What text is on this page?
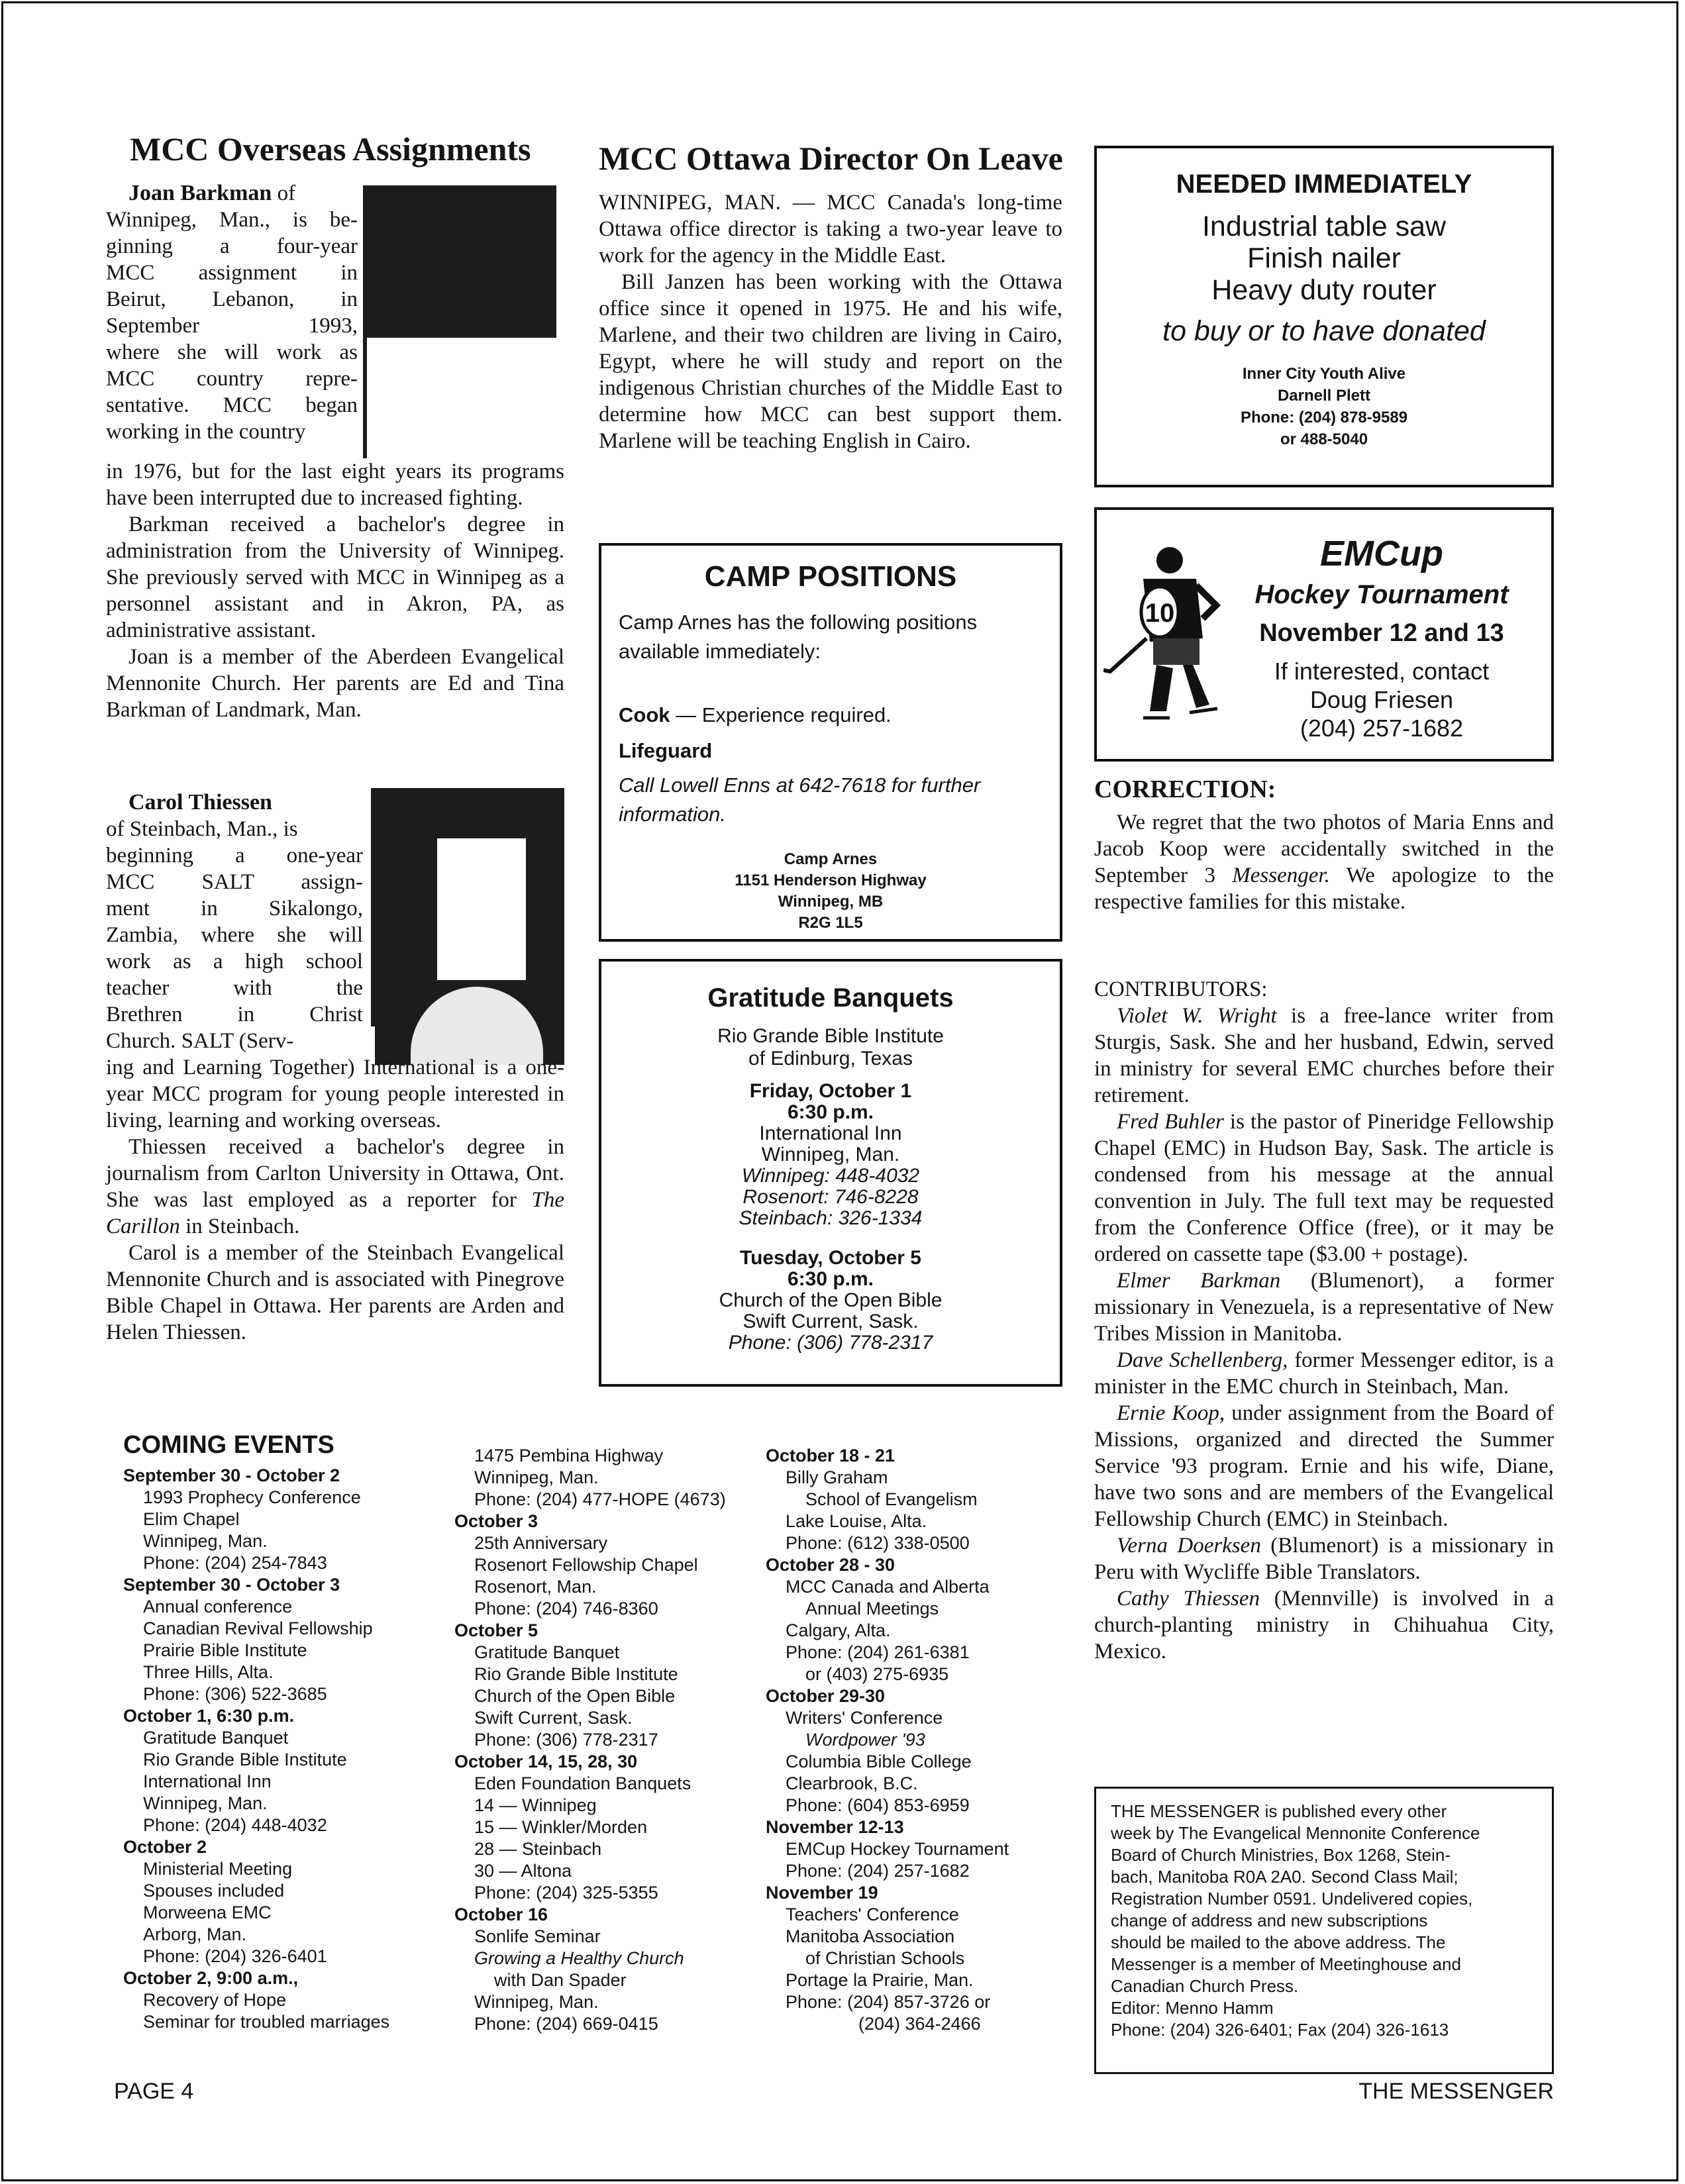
MCC Overseas Assignments
Joan Barkman of
Winnipeg, Man., is be-
ginning a four-year
MCC assignment in
Beirut, Lebanon, in
September 1993,
where she will work as
MCC country repre-
sentative. MCC began
working in the country

in 1976, but for the last eight years its programs have been interrupted due to increased fighting.

Barkman received a bachelor's degree in administration from the University of Winnipeg. She previously served with MCC in Winnipeg as a personnel assistant and in Akron, PA, as administrative assistant.

Joan is a member of the Aberdeen Evangelical Mennonite Church. Her parents are Ed and Tina Barkman of Landmark, Man.

Carol Thiessen
of Steinbach, Man., is
beginning a one-year
MCC SALT assign-
ment in Sikalongo,
Zambia, where she will
work as a high school
teacher with the
Brethren in Christ
Church. SALT (Serv-

ing and Learning Together) International is a one-year MCC program for young people interested in living, learning and working overseas.

Thiessen received a bachelor's degree in journalism from Carlton University in Ottawa, Ont. She was last employed as a reporter for The Carillon in Steinbach.

Carol is a member of the Steinbach Evangelical Mennonite Church and is associated with Pinegrove Bible Chapel in Ottawa. Her parents are Arden and Helen Thiessen.

MCC Ottawa Director On Leave

WINNIPEG, MAN. — MCC Canada's long-time Ottawa office director is taking a two-year leave to work for the agency in the Middle East.

Bill Janzen has been working with the Ottawa office since it opened in 1975. He and his wife, Marlene, and their two children are living in Cairo, Egypt, where he will study and report on the indigenous Christian churches of the Middle East to determine how MCC can best support them. Marlene will be teaching English in Cairo.

CAMP POSITIONS
Camp Arnes has the following positions available immediately:
Cook — Experience required.
Lifeguard
Call Lowell Enns at 642-7618 for further information.
Camp Arnes
1151 Henderson Highway
Winnipeg, MB
R2G 1L5
Gratitude Banquets
Rio Grande Bible Institute
of Edinburg, Texas
Friday, October 1
6:30 p.m.
International Inn
Winnipeg, Man.
Winnipeg: 448-4032
Rosenort: 746-8228
Steinbach: 326-1334
Tuesday, October 5
6:30 p.m.
Church of the Open Bible
Swift Current, Sask.
Phone: (306) 778-2317
NEEDED IMMEDIATELY
Industrial table saw
Finish nailer
Heavy duty router
to buy or to have donated
Inner City Youth Alive
Darnell Plett
Phone: (204) 878-9589
or 488-5040
10
EMCup
Hockey Tournament
November 12 and 13
If interested, contact
Doug Friesen
(204) 257-1682
CORRECTION:

We regret that the two photos of Maria Enns and Jacob Koop were accidentally switched in the September 3 Messenger. We apologize to the respective families for this mistake.

CONTRIBUTORS:

Violet W. Wright is a free-lance writer from Sturgis, Sask. She and her husband, Edwin, served in ministry for several EMC churches before their retirement.

Fred Buhler is the pastor of Pineridge Fellowship Chapel (EMC) in Hudson Bay, Sask. The article is condensed from his message at the annual convention in July. The full text may be requested from the Conference Office (free), or it may be ordered on cassette tape ($3.00 + postage).

Elmer Barkman (Blumenort), a former missionary in Venezuela, is a representative of New Tribes Mission in Manitoba.

Dave Schellenberg, former Messenger editor, is a minister in the EMC church in Steinbach, Man.

Ernie Koop, under assignment from the Board of Missions, organized and directed the Summer Service '93 program. Ernie and his wife, Diane, have two sons and are members of the Evangelical Fellowship Church (EMC) in Steinbach.

Verna Doerksen (Blumenort) is a missionary in Peru with Wycliffe Bible Translators.

Cathy Thiessen (Mennville) is involved in a church-planting ministry in Chihuahua City, Mexico.

THE MESSENGER is published every other
week by The Evangelical Mennonite Conference
Board of Church Ministries, Box 1268, Stein-
bach, Manitoba R0A 2A0. Second Class Mail;
Registration Number 0591. Undelivered copies,
change of address and new subscriptions
should be mailed to the above address. The
Messenger is a member of Meetinghouse and
Canadian Church Press.
Editor: Menno Hamm
Phone: (204) 326-6401; Fax (204) 326-1613
COMING EVENTS
September 30 - October 2
1993 Prophecy Conference
Elim Chapel
Winnipeg, Man.
Phone: (204) 254-7843
September 30 - October 3
Annual conference
Canadian Revival Fellowship
Prairie Bible Institute
Three Hills, Alta.
Phone: (306) 522-3685
October 1, 6:30 p.m.
Gratitude Banquet
Rio Grande Bible Institute
International Inn
Winnipeg, Man.
Phone: (204) 448-4032
October 2
Ministerial Meeting
Spouses included
Morweena EMC
Arborg, Man.
Phone: (204) 326-6401
October 2, 9:00 a.m.,
Recovery of Hope
Seminar for troubled marriages
1475 Pembina Highway
Winnipeg, Man.
Phone: (204) 477-HOPE (4673)
October 3
25th Anniversary
Rosenort Fellowship Chapel
Rosenort, Man.
Phone: (204) 746-8360
October 5
Gratitude Banquet
Rio Grande Bible Institute
Church of the Open Bible
Swift Current, Sask.
Phone: (306) 778-2317
October 14, 15, 28, 30
Eden Foundation Banquets
14 — Winnipeg
15 — Winkler/Morden
28 — Steinbach
30 — Altona
Phone: (204) 325-5355
October 16
Sonlife Seminar
Growing a Healthy Church
with Dan Spader
Winnipeg, Man.
Phone: (204) 669-0415
October 18 - 21
Billy Graham
School of Evangelism
Lake Louise, Alta.
Phone: (612) 338-0500
October 28 - 30
MCC Canada and Alberta
Annual Meetings
Calgary, Alta.
Phone: (204) 261-6381
or (403) 275-6935
October 29-30
Writers' Conference
Wordpower '93
Columbia Bible College
Clearbrook, B.C.
Phone: (604) 853-6959
November 12-13
EMCup Hockey Tournament
Phone: (204) 257-1682
November 19
Teachers' Conference
Manitoba Association
of Christian Schools
Portage la Prairie, Man.
Phone: (204) 857-3726 or
(204) 364-2466
PAGE 4	THE MESSENGER
